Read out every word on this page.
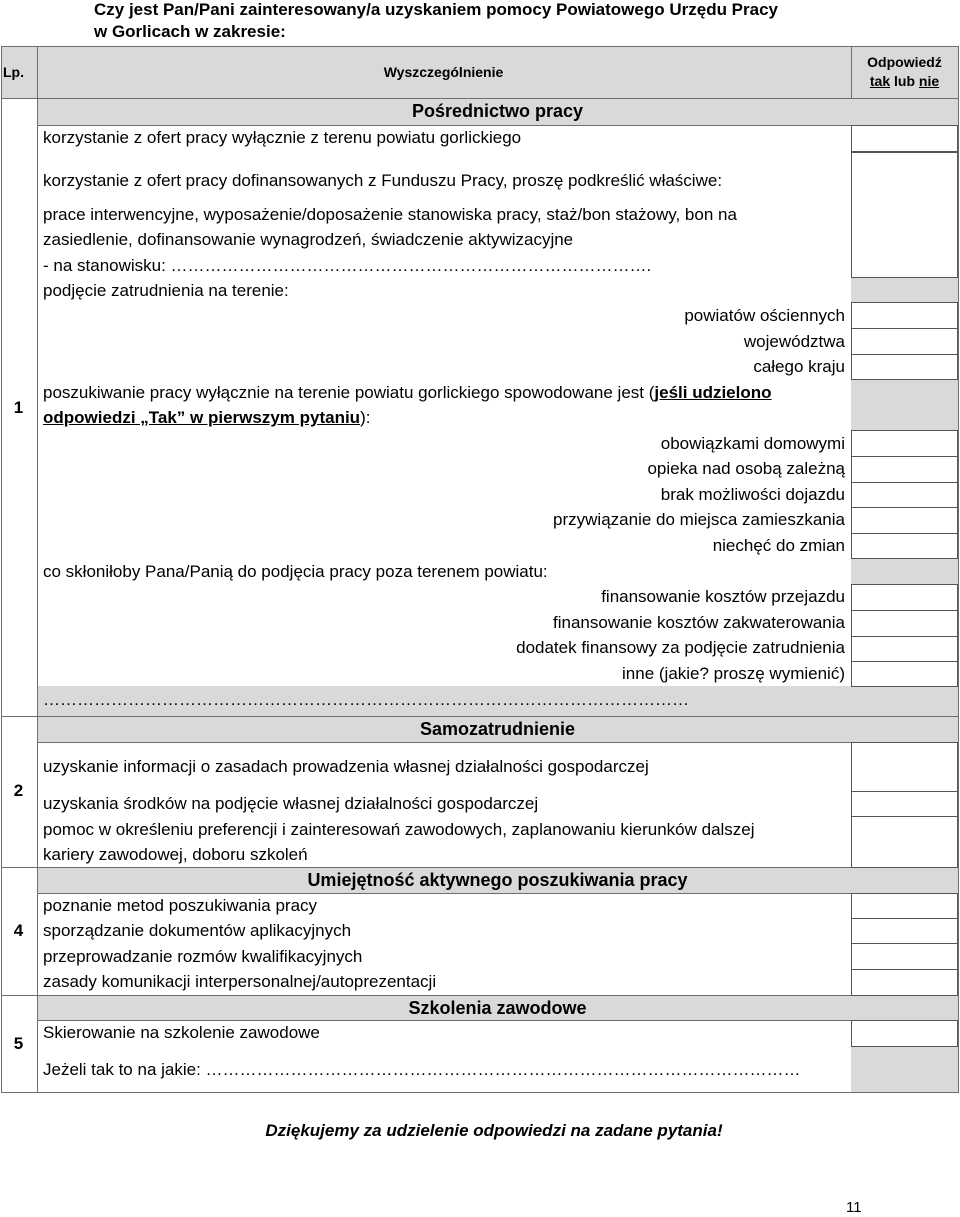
Czy jest Pan/Pani zainteresowany/a uzyskaniem pomocy Powiatowego Urzędu Pracy
w Gorlicach w zakresie:
Lp.	Wyszczególnienie
Odpowiedź
tak lub nie
1
2
4
5
Pośrednictwo pracy
korzystanie z ofert pracy wyłącznie z terenu powiatu gorlickiego
korzystanie z ofert pracy dofinansowanych z Funduszu Pracy, proszę podkreślić właściwe:
prace interwencyjne, wyposażenie/doposażenie stanowiska pracy, staż/bon stażowy, bon na
zasiedlenie, dofinansowanie wynagrodzeń, świadczenie aktywizacyjne
- na stanowisku: ………………………………………………………………………….
podjęcie zatrudnienia na terenie:
powiatów ościennych
województwa
całego kraju
poszukiwanie pracy wyłącznie na terenie powiatu gorlickiego spowodowane jest (jeśli udzielono
odpowiedzi „Tak” w pierwszym pytaniu):
obowiązkami domowymi
opieka nad osobą zależną
brak możliwości dojazdu
przywiązanie do miejsca zamieszkania
niechęć do zmian
co skłoniłoby Pana/Panią do podjęcia pracy poza terenem powiatu:
finansowanie kosztów przejazdu
finansowanie kosztów zakwaterowania
dodatek finansowy za podjęcie zatrudnienia
inne (jakie? proszę wymienić)
……………………………………………………………………………………………………
Samozatrudnienie
uzyskanie informacji o zasadach prowadzenia własnej działalności gospodarczej
uzyskania środków na podjęcie własnej działalności gospodarczej
pomoc w określeniu preferencji i zainteresowań zawodowych, zaplanowaniu kierunków dalszej
kariery zawodowej, doboru szkoleń
Umiejętność aktywnego poszukiwania pracy
poznanie metod poszukiwania pracy
sporządzanie dokumentów aplikacyjnych
przeprowadzanie rozmów kwalifikacyjnych
zasady komunikacji interpersonalnej/autoprezentacji
Szkolenia zawodowe
Skierowanie na szkolenie zawodowe
Jeżeli tak to na jakie: ……………………………………………………………………………………………
Dziękujemy za udzielenie odpowiedzi na zadane pytania!
11
